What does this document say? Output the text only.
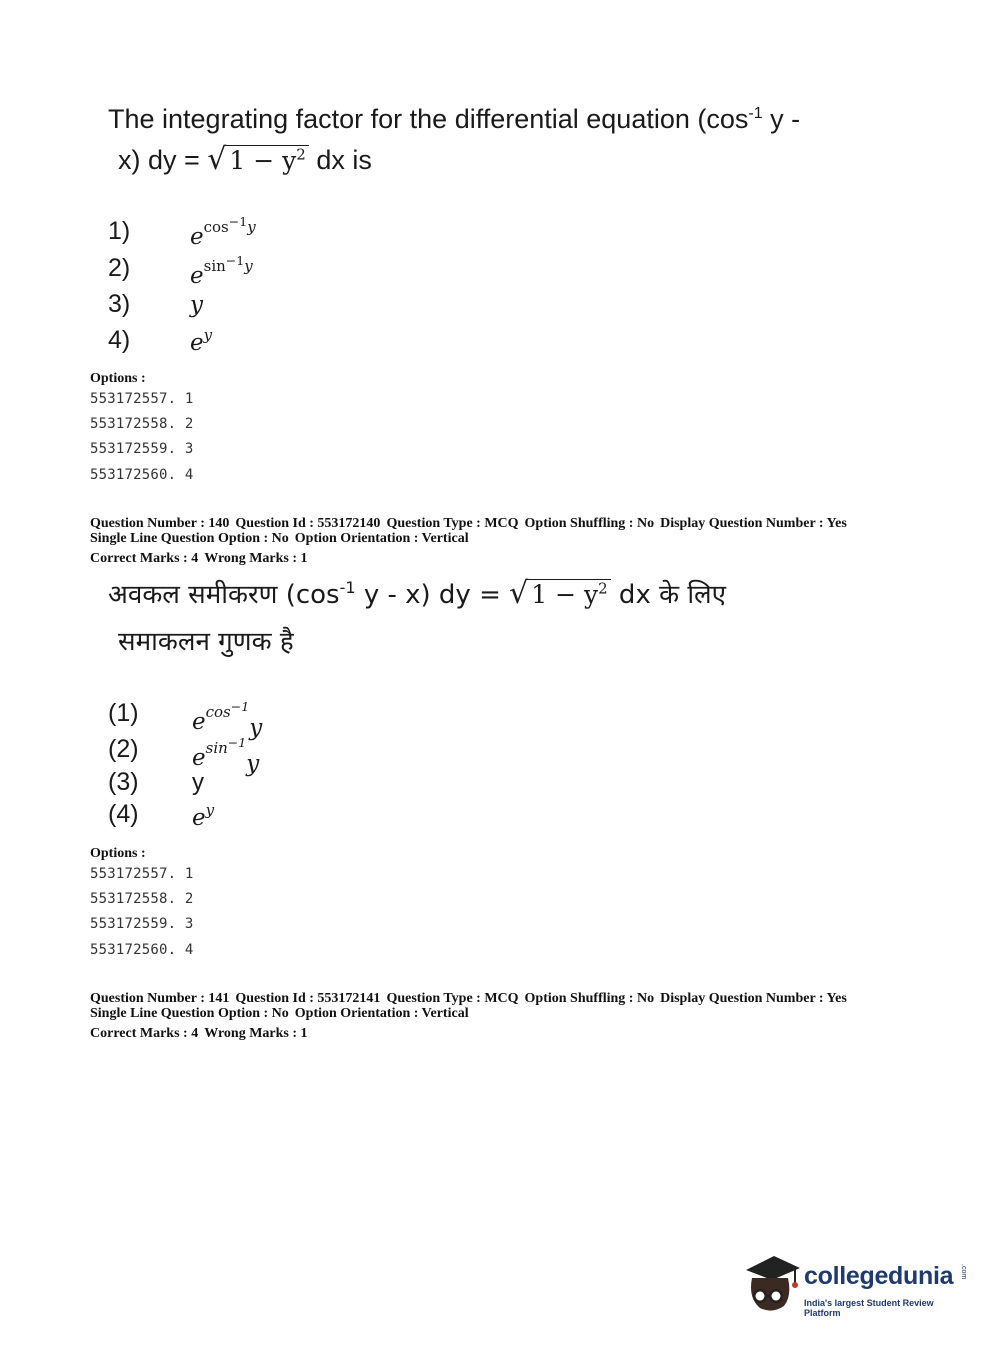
The integrating factor for the differential equation ($\cos^{-1}$ y -
x) dy = √ $1 - y^2$ dx is
1)	$e^{cos^{-1}y}$
2)	$e^{sin^{-1}y}$
3)	y
4)	$e^y$
Options :
553172557. 1
553172558. 2
553172559. 3
553172560. 4
Question Number : 140 Question Id : 553172140 Question Type : MCQ Option Shuffling : No Display Question Number : Yes
Single Line Question Option : No Option Orientation : Vertical
Correct Marks : 4 Wrong Marks : 1
अवकल समीकरण ($\cos^{-1}$ y - x) dy = √ $1 - y^2$ dx के लिए
समाकलन गुणक है
(1) $e^{cos^{-1}}y$
(2) $e^{sin^{-1}}y$
(3) y
(4) $e^y$
Options :
553172557. 1
553172558. 2
553172559. 3
553172560. 4
Question Number : 141 Question Id : 553172141 Question Type : MCQ Option Shuffling : No Display Question Number : Yes
Single Line Question Option : No Option Orientation : Vertical
Correct Marks : 4 Wrong Marks : 1
collegedunia .com
India's largest Student Review Platform
